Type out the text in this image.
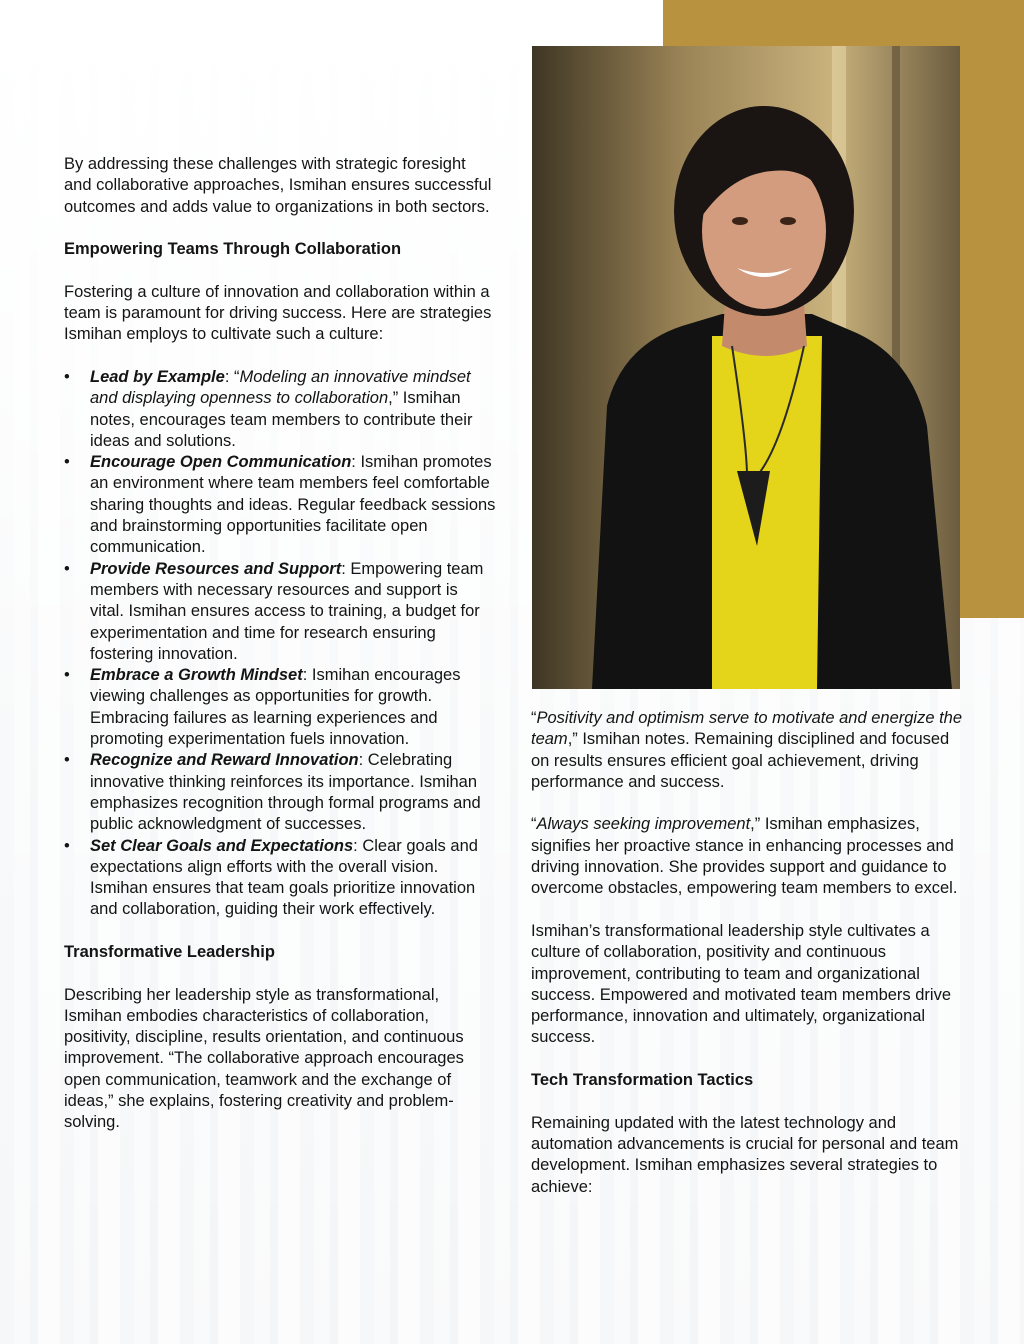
By addressing these challenges with strategic foresight and collaborative approaches, Ismihan ensures successful outcomes and adds value to organizations in both sectors.

Empowering Teams Through Collaboration

Fostering a culture of innovation and collaboration within a team is paramount for driving success. Here are strategies Ismihan employs to cultivate such a culture:

• Lead by Example: “Modeling an innovative mindset and displaying openness to collaboration,” Ismihan notes, encourages team members to contribute their ideas and solutions.
• Encourage Open Communication: Ismihan promotes an environment where team members feel comfortable sharing thoughts and ideas. Regular feedback sessions and brainstorming opportunities facilitate open communication.
• Provide Resources and Support: Empowering team members with necessary resources and support is vital. Ismihan ensures access to training, a budget for experimentation and time for research ensuring fostering innovation.
• Embrace a Growth Mindset: Ismihan encourages viewing challenges as opportunities for growth. Embracing failures as learning experiences and promoting experimentation fuels innovation.
• Recognize and Reward Innovation: Celebrating innovative thinking reinforces its importance. Ismihan emphasizes recognition through formal programs and public acknowledgment of successes.
• Set Clear Goals and Expectations: Clear goals and expectations align efforts with the overall vision. Ismihan ensures that team goals prioritize innovation and collaboration, guiding their work effectively.
Transformative Leadership

Describing her leadership style as transformational, Ismihan embodies characteristics of collaboration, positivity, discipline, results orientation, and continuous improvement. “The collaborative approach encourages open communication, teamwork and the exchange of ideas,” she explains, fostering creativity and problem-solving.

“Positivity and optimism serve to motivate and energize the team,” Ismihan notes. Remaining disciplined and focused on results ensures efficient goal achievement, driving performance and success.

“Always seeking improvement,” Ismihan emphasizes, signifies her proactive stance in enhancing processes and driving innovation. She provides support and guidance to overcome obstacles, empowering team members to excel.

Ismihan’s transformational leadership style cultivates a culture of collaboration, positivity and continuous improvement, contributing to team and organizational success. Empowered and motivated team members drive performance, innovation and ultimately, organizational success.

Tech Transformation Tactics

Remaining updated with the latest technology and automation advancements is crucial for personal and team development. Ismihan emphasizes several strategies to achieve:
